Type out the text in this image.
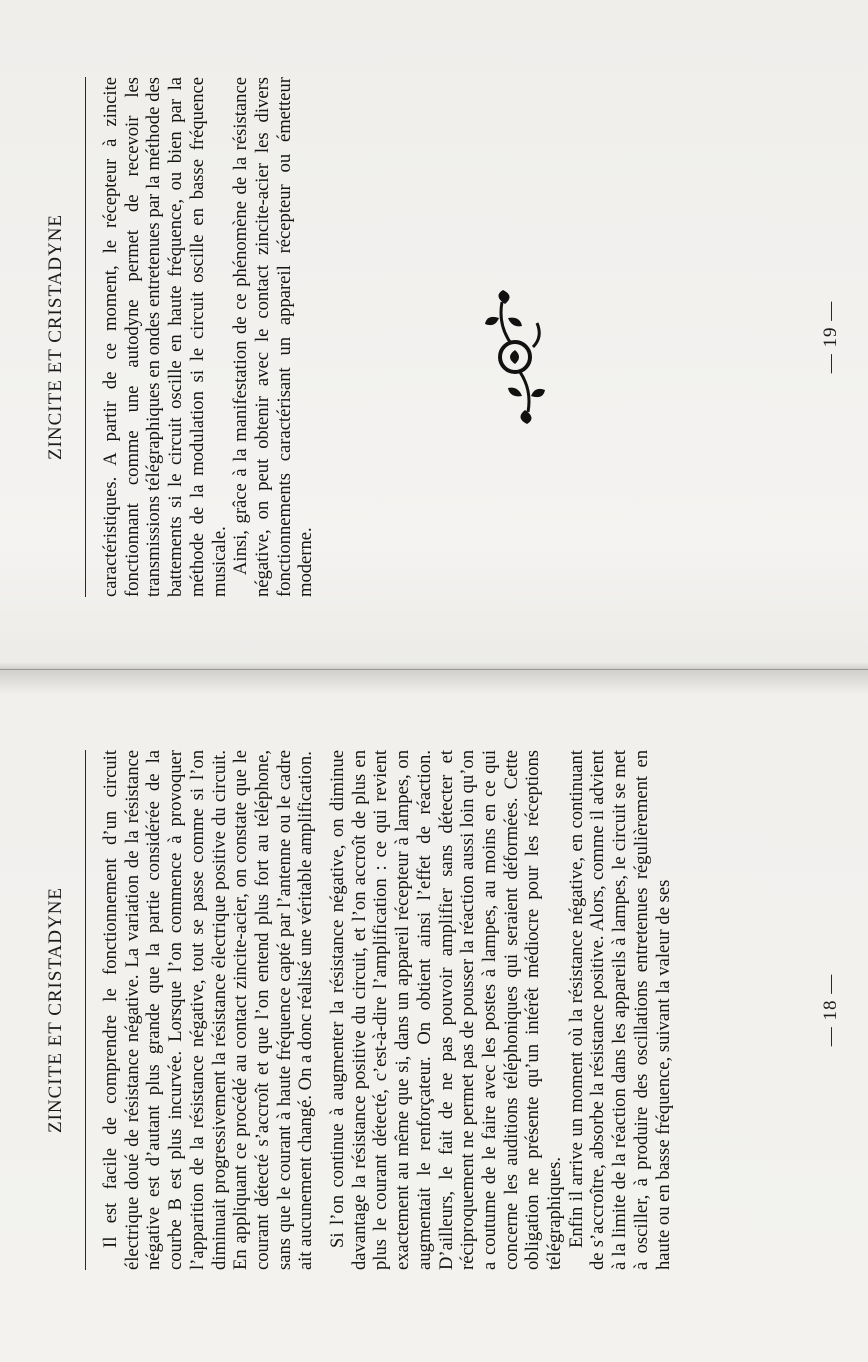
ZINCITE ET CRISTADYNE caractéristiques. A partir de ce moment, le récepteur à zincite fonctionnant comme une autodyne permet de recevoir les transmissions télégraphiques en ondes entretenues par la méthode des battements si le circuit oscille en haute fréquence, ou bien par la méthode de la modulation si le circuit oscille en basse fréquence musicale. Ainsi, grâce à la manifestation de ce phénomène de la résistance négative, on peut obtenir avec le contact zincite-acier les divers fonctionnements caractérisant un appareil récepteur ou émetteur moderne.

— 19 —
ZINCITE ET CRISTADYNE Il est facile de comprendre le fonctionnement d’un circuit électrique doué de résistance négative. La variation de la résistance négative est d’autant plus grande que la partie considérée de la courbe B est plus incurvée. Lorsque l’on commence à provoquer l’apparition de la résistance négative, tout se passe comme si l’on diminuait progressivement la résistance électrique positive du circuit. En appliquant ce procédé au contact zincite-acier, on constate que le courant détecté s’accroît et que l’on entend plus fort au téléphone, sans que le courant à haute fréquence capté par l’antenne ou le cadre ait aucunement changé. On a donc réalisé une véritable amplification. Si l’on continue à augmenter la résistance négative, on diminue davantage la résistance positive du circuit, et l’on accroît de plus en plus le courant détecté, c’est-à-dire l’amplification : ce qui revient exactement au même que si, dans un appareil récepteur à lampes, on augmentait le renforçateur. On obtient ainsi l’effet de réaction. D’ailleurs, le fait de ne pas pouvoir amplifier sans détecter et réciproquement ne permet pas de pousser la réaction aussi loin qu’on a coutume de le faire avec les postes à lampes, au moins en ce qui concerne les auditions téléphoniques qui seraient déformées. Cette obligation ne présente qu’un intérêt médiocre pour les réceptions télégraphiques. Enfin il arrive un moment où la résistance négative, en continuant de s’accroître, absorbe la résistance positive. Alors, comme il advient à la limite de la réaction dans les appareils à lampes, le circuit se met à osciller, à produire des oscillations entretenues régulièrement en haute ou en basse fréquence, suivant la valeur de ses	— 18 —
